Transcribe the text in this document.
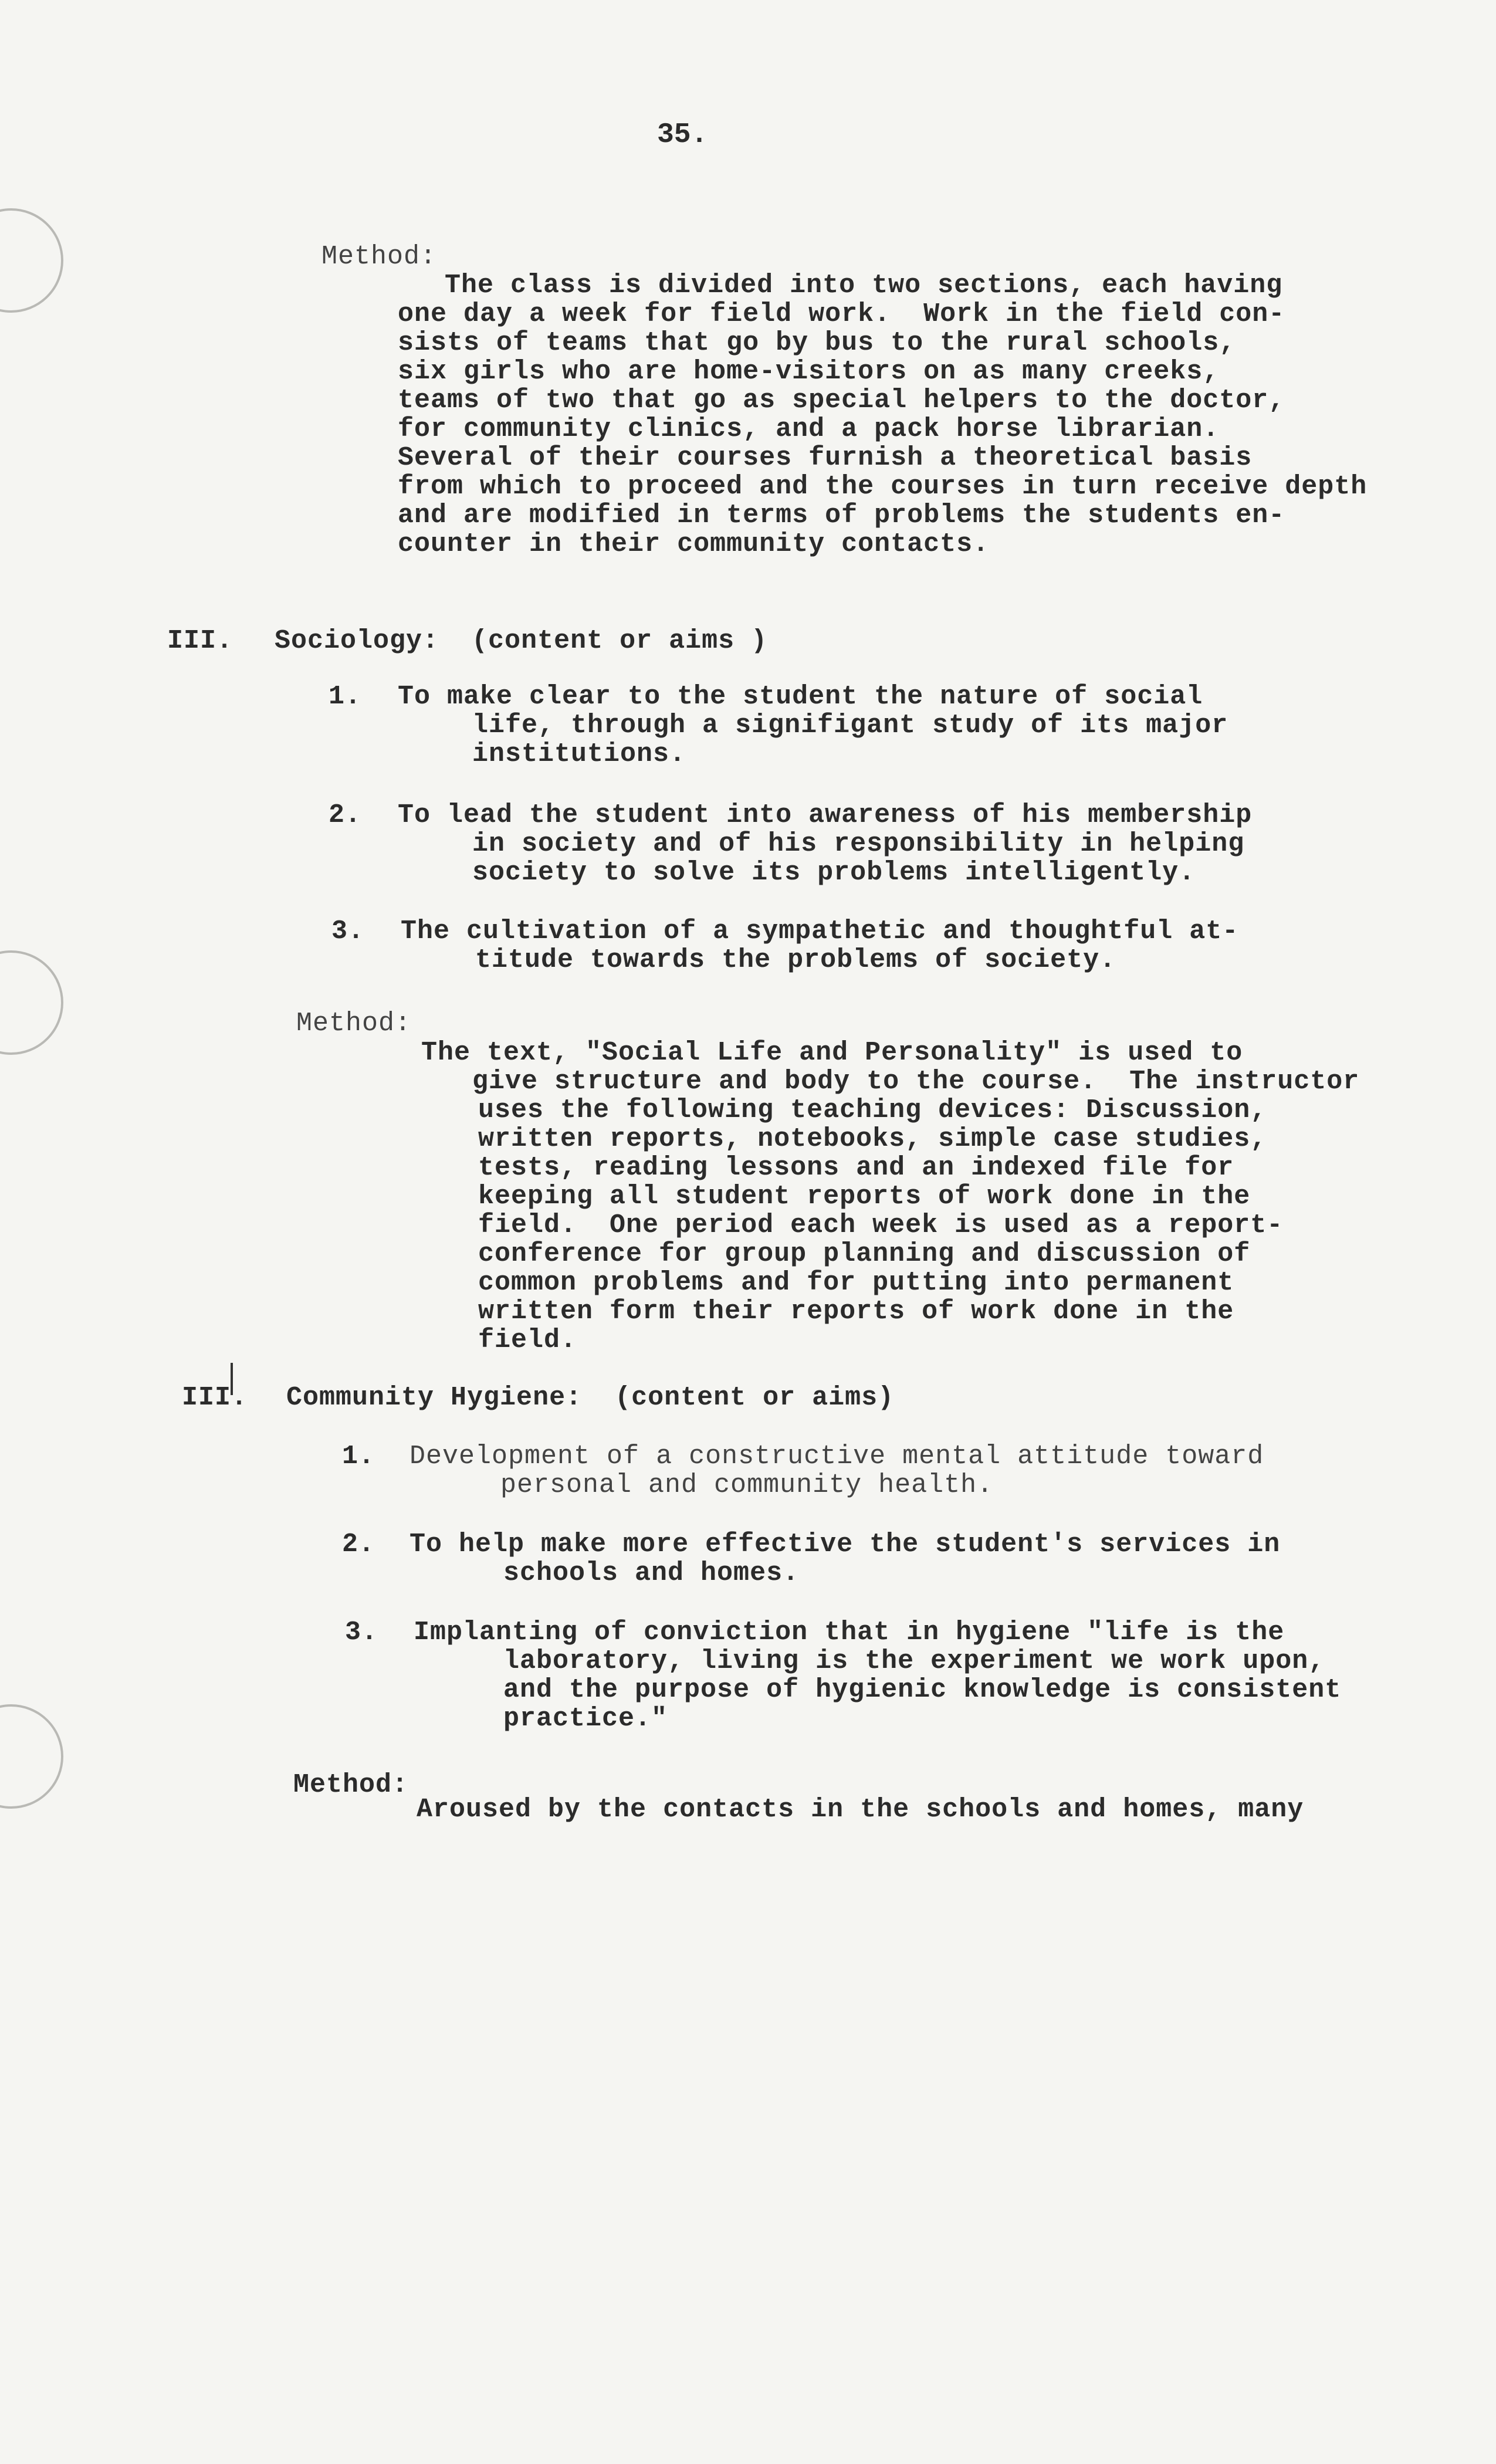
35.
Method:
The class is divided into two sections, each having
one day a week for field work.  Work in the field con-
sists of teams that go by bus to the rural schools,
six girls who are home-visitors on as many creeks,
teams of two that go as special helpers to the doctor,
for community clinics, and a pack horse librarian.
Several of their courses furnish a theoretical basis
from which to proceed and the courses in turn receive depth
and are modified in terms of problems the students en-
counter in their community contacts.
III. Sociology:  (content or aims )
1. To make clear to the student the nature of social
life, through a signifigant study of its major
institutions.
2. To lead the student into awareness of his membership
in society and of his responsibility in helping
society to solve its problems intelligently.
3. The cultivation of a sympathetic and thoughtful at-
titude towards the problems of society.
Method:
The text, "Social Life and Personality" is used to
give structure and body to the course.  The instructor
uses the following teaching devices: Discussion,
written reports, notebooks, simple case studies,
tests, reading lessons and an indexed file for
keeping all student reports of work done in the
field.  One period each week is used as a report-
conference for group planning and discussion of
common problems and for putting into permanent
written form their reports of work done in the
field.
III. Community Hygiene:  (content or aims)
1. Development of a constructive mental attitude toward
personal and community health.
2. To help make more effective the student's services in
schools and homes.
3. Implanting of conviction that in hygiene "life is the
laboratory, living is the experiment we work upon,
and the purpose of hygienic knowledge is consistent
practice."
Method:
Aroused by the contacts in the schools and homes, many
